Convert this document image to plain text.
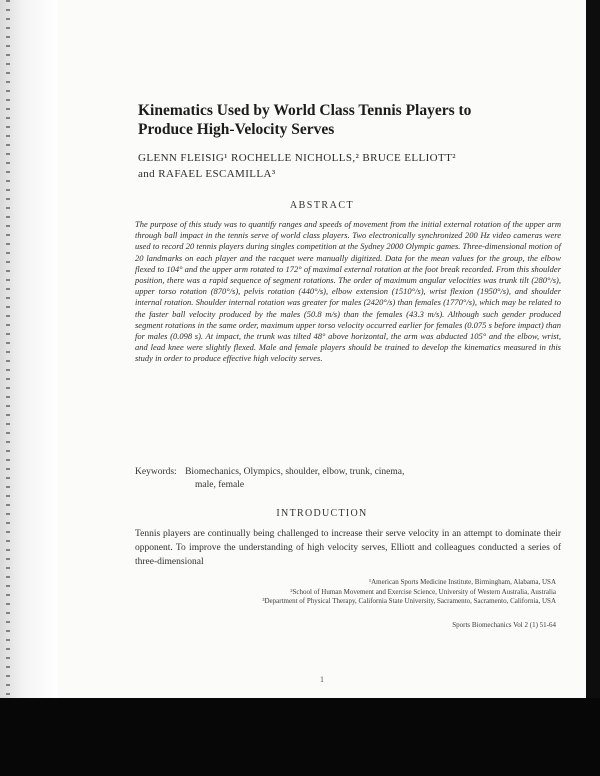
Kinematics Used by World Class Tennis Players to
Produce High-Velocity Serves
GLENN FLEISIG¹ ROCHELLE NICHOLLS,² BRUCE ELLIOTT²
and RAFAEL ESCAMILLA³
ABSTRACT

The purpose of this study was to quantify ranges and speeds of movement from the initial external rotation of the upper arm through ball impact in the tennis serve of world class players. Two electronically synchronized 200 Hz video cameras were used to record 20 tennis players during singles competition at the Sydney 2000 Olympic games. Three-dimensional motion of 20 landmarks on each player and the racquet were manually digitized. Data for the mean values for the group, the elbow flexed to 104° and the upper arm rotated to 172° of maximal external rotation at the foot break recorded. From this shoulder position, there was a rapid sequence of segment rotations. The order of maximum angular velocities was trunk tilt (280°/s), upper torso rotation (870°/s), pelvis rotation (440°/s), elbow extension (1510°/s), wrist flexion (1950°/s), and shoulder internal rotation. Shoulder internal rotation was greater for males (2420°/s) than females (1770°/s), which may be related to the faster ball velocity produced by the males (50.8 m/s) than the females (43.3 m/s). Although such gender produced segment rotations in the same order, maximum upper torso velocity occurred earlier for females (0.075 s before impact) than for males (0.098 s). At impact, the trunk was tilted 48° above horizontal, the arm was abducted 105° and the elbow, wrist, and lead knee were slightly flexed. Male and female players should be trained to develop the kinematics measured in this study in order to produce effective high velocity serves.

Keywords: Biomechanics, Olympics, shoulder, elbow, trunk, cinema,
male, female
INTRODUCTION

Tennis players are continually being challenged to increase their serve velocity in an attempt to dominate their opponent. To improve the understanding of high velocity serves, Elliott and colleagues conducted a series of three-dimensional

¹American Sports Medicine Institute, Birmingham, Alabama, USA
²School of Human Movement and Exercise Science, University of Western Australia, Australia
³Department of Physical Therapy, California State University, Sacramento, Sacramento, California, USA
Sports Biomechanics Vol 2 (1) 51-64
1
